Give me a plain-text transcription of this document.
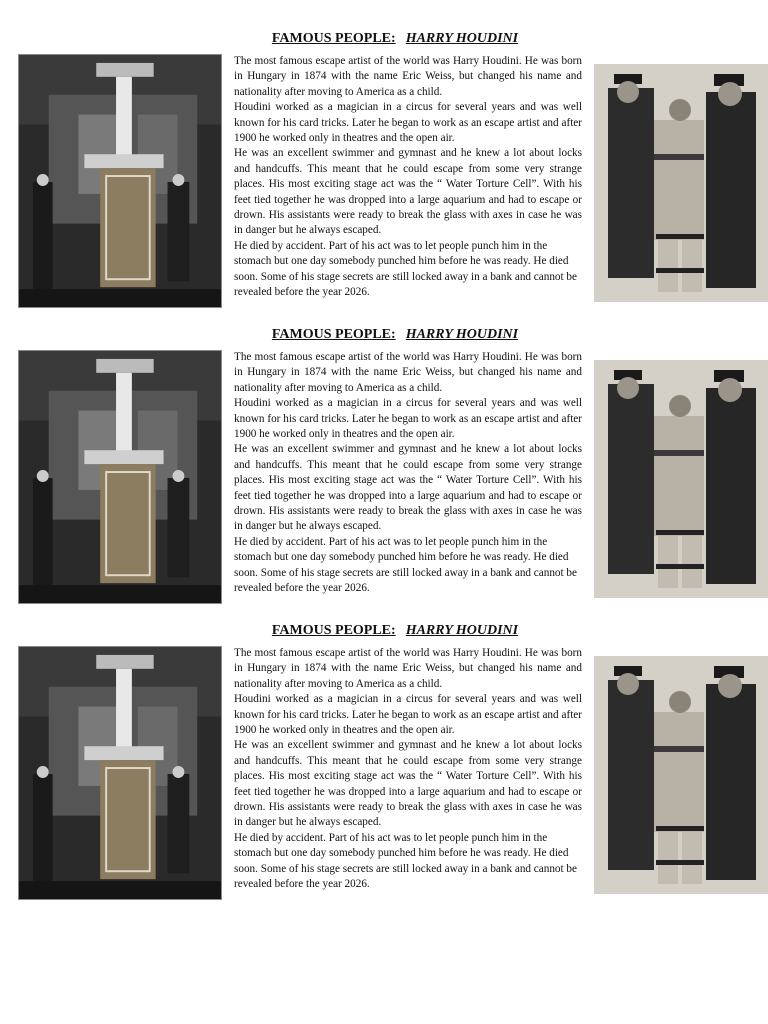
FAMOUS PEOPLE: HARRY HOUDINI

The most famous escape artist of the world was Harry Houdini. He was born in Hungary in 1874 with the name Eric Weiss, but changed his name and nationality after moving to America as a child.

Houdini worked as a magician in a circus for several years and was well known for his card tricks. Later he began to work as an escape artist and after 1900 he worked only in theatres and the open air.

He was an excellent swimmer and gymnast and he knew a lot about locks and handcuffs. This meant that he could escape from some very strange places. His most exciting stage act was the “ Water Torture Cell”. With his feet tied together he was dropped into a large aquarium and had to escape or drown. His assistants were ready to break the glass with axes in case he was in danger but he always escaped.

He died by accident. Part of his act was to let people punch him in the stomach but one day somebody punched him before he was ready. He died soon. Some of his stage secrets are still locked away in a bank and cannot be revealed before the year 2026.

FAMOUS PEOPLE: HARRY HOUDINI

The most famous escape artist of the world was Harry Houdini. He was born in Hungary in 1874 with the name Eric Weiss, but changed his name and nationality after moving to America as a child.

Houdini worked as a magician in a circus for several years and was well known for his card tricks. Later he began to work as an escape artist and after 1900 he worked only in theatres and the open air.

He was an excellent swimmer and gymnast and he knew a lot about locks and handcuffs. This meant that he could escape from some very strange places. His most exciting stage act was the “ Water Torture Cell”. With his feet tied together he was dropped into a large aquarium and had to escape or drown. His assistants were ready to break the glass with axes in case he was in danger but he always escaped.

He died by accident. Part of his act was to let people punch him in the stomach but one day somebody punched him before he was ready. He died soon. Some of his stage secrets are still locked away in a bank and cannot be revealed before the year 2026.

FAMOUS PEOPLE: HARRY HOUDINI

The most famous escape artist of the world was Harry Houdini. He was born in Hungary in 1874 with the name Eric Weiss, but changed his name and nationality after moving to America as a child.

Houdini worked as a magician in a circus for several years and was well known for his card tricks. Later he began to work as an escape artist and after 1900 he worked only in theatres and the open air.

He was an excellent swimmer and gymnast and he knew a lot about locks and handcuffs. This meant that he could escape from some very strange places. His most exciting stage act was the “ Water Torture Cell”. With his feet tied together he was dropped into a large aquarium and had to escape or drown. His assistants were ready to break the glass with axes in case he was in danger but he always escaped.

He died by accident. Part of his act was to let people punch him in the stomach but one day somebody punched him before he was ready. He died soon. Some of his stage secrets are still locked away in a bank and cannot be revealed before the year 2026.
